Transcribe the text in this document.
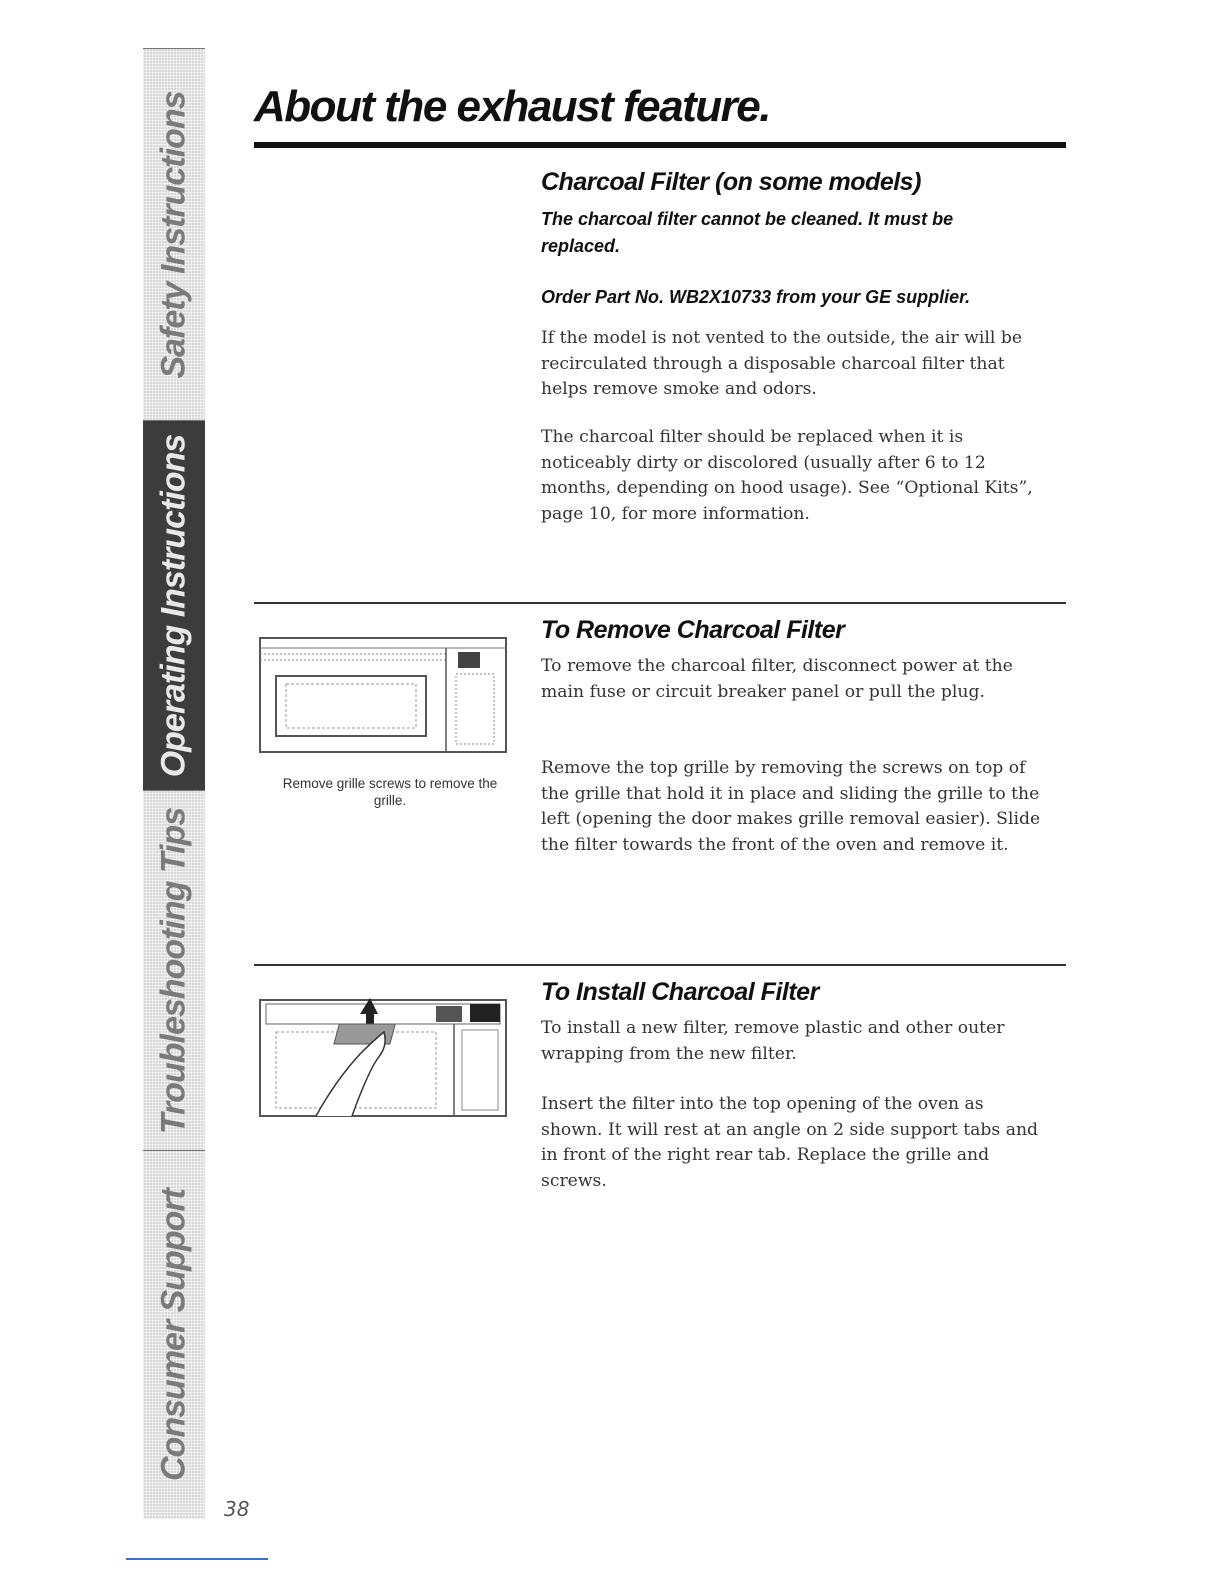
Safety Instructions
Operating Instructions
Troubleshooting Tips
Consumer Support
About the exhaust feature.
Charcoal Filter (on some models)

The charcoal filter cannot be cleaned. It must be replaced.

Order Part No. WB2X10733 from your GE supplier.

If the model is not vented to the outside, the air will be recirculated through a disposable charcoal filter that helps remove smoke and odors.

The charcoal filter should be replaced when it is noticeably dirty or discolored (usually after 6 to 12 months, depending on hood usage). See “Optional Kits”, page 10, for more information.

Remove grille screws to remove the grille.

To Remove Charcoal Filter

To remove the charcoal filter, disconnect power at the main fuse or circuit breaker panel or pull the plug.

Remove the top grille by removing the screws on top of the grille that hold it in place and sliding the grille to the left (opening the door makes grille removal easier). Slide the filter towards the front of the oven and remove it.

To Install Charcoal Filter

To install a new filter, remove plastic and other outer wrapping from the new filter.

Insert the filter into the top opening of the oven as shown. It will rest at an angle on 2 side support tabs and in front of the right rear tab. Replace the grille and screws.

38
